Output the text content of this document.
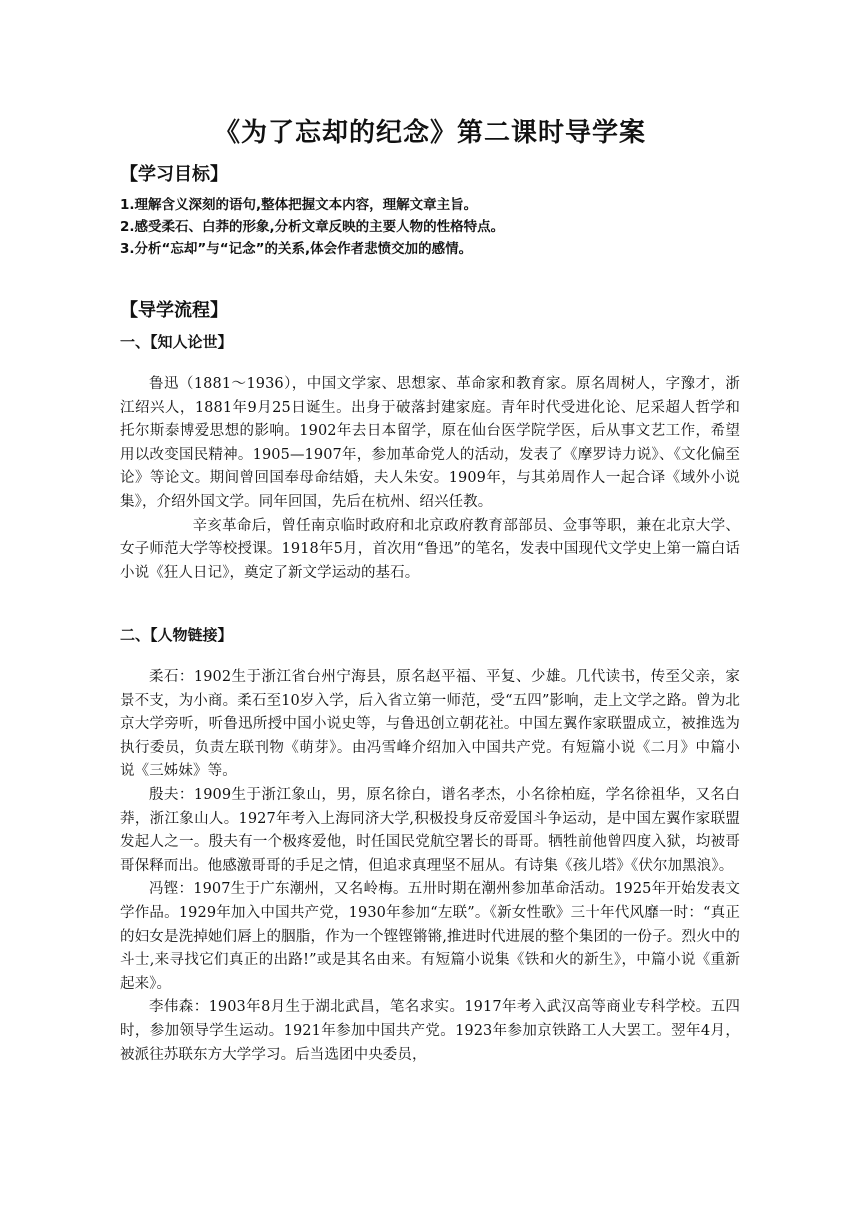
《为了忘却的纪念》第二课时导学案
【学习目标】
1.理解含义深刻的语句,整体把握文本内容，理解文章主旨。
2.感受柔石、白莽的形象,分析文章反映的主要人物的性格特点。
3.分析“忘却”与“记念”的关系,体会作者悲愤交加的感情。
【导学流程】
一、【知人论世】

鲁迅（1881～1936），中国文学家、思想家、革命家和教育家。原名周树人，字豫才，浙江绍兴人，1881年9月25日诞生。出身于破落封建家庭。青年时代受进化论、尼采超人哲学和托尔斯泰博爱思想的影响。1902年去日本留学，原在仙台医学院学医，后从事文艺工作，希望用以改变国民精神。1905—1907年，参加革命党人的活动，发表了《摩罗诗力说》、《文化偏至论》等论文。期间曾回国奉母命结婚，夫人朱安。1909年，与其弟周作人一起合译《域外小说集》，介绍外国文学。同年回国，先后在杭州、绍兴任教。

辛亥革命后，曾任南京临时政府和北京政府教育部部员、佥事等职，兼在北京大学、女子师范大学等校授课。1918年5月，首次用“鲁迅”的笔名，发表中国现代文学史上第一篇白话小说《狂人日记》，奠定了新文学运动的基石。

二、【人物链接】

柔石：1902生于浙江省台州宁海县，原名赵平福、平复、少雄。几代读书，传至父亲，家景不支，为小商。柔石至10岁入学，后入省立第一师范，受“五四”影响，走上文学之路。曾为北京大学旁听，听鲁迅所授中国小说史等，与鲁迅创立朝花社。中国左翼作家联盟成立，被推选为执行委员，负责左联刊物《萌芽》。由冯雪峰介绍加入中国共产党。有短篇小说《二月》中篇小说《三姊妹》等。

殷夫：1909生于浙江象山，男，原名徐白，谱名孝杰，小名徐柏庭，学名徐祖华，又名白莽，浙江象山人。1927年考入上海同济大学,积极投身反帝爱国斗争运动，是中国左翼作家联盟发起人之一。殷夫有一个极疼爱他，时任国民党航空署长的哥哥。牺牲前他曾四度入狱，均被哥哥保释而出。他感激哥哥的手足之情，但追求真理坚不屈从。有诗集《孩儿塔》《伏尔加黑浪》。

冯铿：1907生于广东潮州，又名岭梅。五卅时期在潮州参加革命活动。1925年开始发表文学作品。1929年加入中国共产党，1930年参加“左联”。《新女性歌》三十年代风靡一时：“真正的妇女是洗掉她们唇上的胭脂，作为一个铿铿锵锵,推进时代进展的整个集团的一份子。烈火中的斗士,来寻找它们真正的出路!”或是其名由来。有短篇小说集《铁和火的新生》，中篇小说《重新起来》。

李伟森：1903年8月生于湖北武昌，笔名求实。1917年考入武汉高等商业专科学校。五四时，参加领导学生运动。1921年参加中国共产党。1923年参加京铁路工人大罢工。翌年4月，被派往苏联东方大学学习。后当选团中央委员，
